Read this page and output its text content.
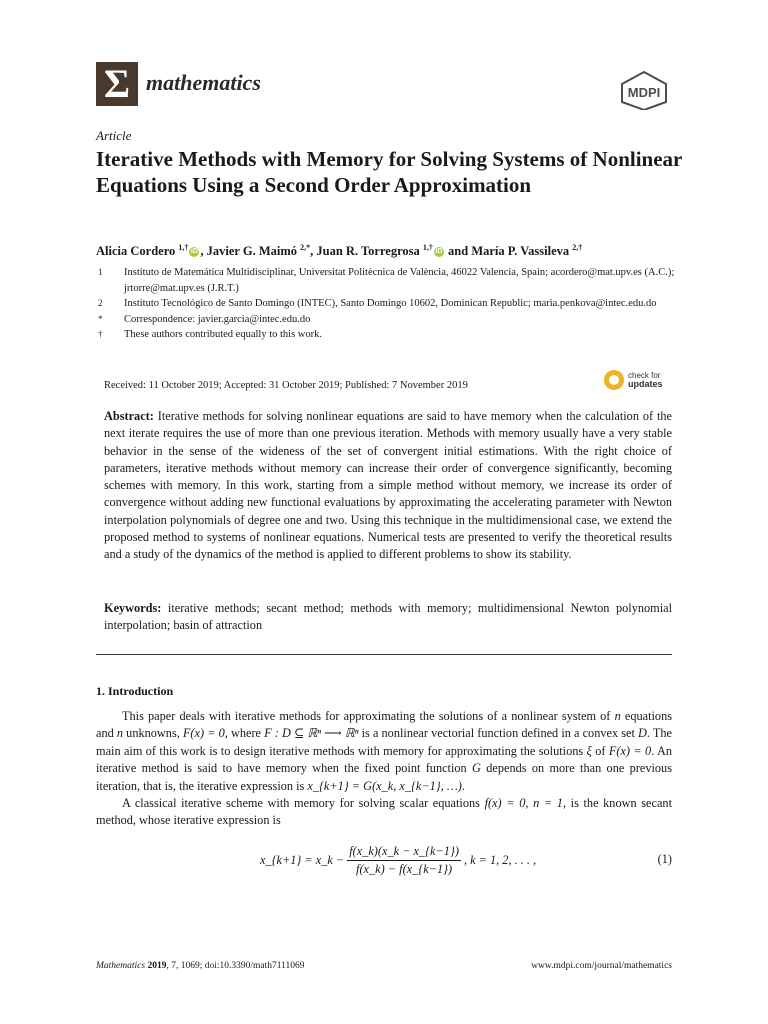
Σ mathematics	MDPI
Article
Iterative Methods with Memory for Solving Systems of Nonlinear Equations Using a Second Order Approximation
Alicia Cordero $^{1,\dagger}$ iD , Javier G. Maimó $^{2,*}$, Juan R. Torregrosa $^{1,\dagger}$ iD and María P. Vassileva $^{2,\dagger}$
1	Instituto de Matemática Multidisciplinar, Universitat Politècnica de València, 46022 Valencia, Spain; acordero@mat.upv.es (A.C.); jrtorre@mat.upv.es (J.R.T.)
2	Instituto Tecnológico de Santo Domingo (INTEC), Santo Domingo 10602, Dominican Republic; maria.penkova@intec.edu.do
*	Correspondence: javier.garcia@intec.edu.do
†	These authors contributed equally to this work.
Received: 11 October 2019; Accepted: 31 October 2019; Published: 7 November 2019
check for
updates

Abstract: Iterative methods for solving nonlinear equations are said to have memory when the calculation of the next iterate requires the use of more than one previous iteration. Methods with memory usually have a very stable behavior in the sense of the wideness of the set of convergent initial estimations. With the right choice of parameters, iterative methods without memory can increase their order of convergence significantly, becoming schemes with memory. In this work, starting from a simple method without memory, we increase its order of convergence without adding new functional evaluations by approximating the accelerating parameter with Newton interpolation polynomials of degree one and two. Using this technique in the multidimensional case, we extend the proposed method to systems of nonlinear equations. Numerical tests are presented to verify the theoretical results and a study of the dynamics of the method is applied to different problems to show its stability.

Keywords: iterative methods; secant method; methods with memory; multidimensional Newton polynomial interpolation; basin of attraction

1. Introduction

This paper deals with iterative methods for approximating the solutions of a nonlinear system of n equations and n unknowns, F(x) = 0, where F : D ⊆ ℝⁿ ⟶ ℝⁿ is a nonlinear vectorial function defined in a convex set D. The main aim of this work is to design iterative methods with memory for approximating the solutions ξ of F(x) = 0. An iterative method is said to have memory when the fixed point function G depends on more than one previous iteration, that is, the iterative expression is x_{k+1} = G(x_k, x_{k−1}, …).

A classical iterative scheme with memory for solving scalar equations f(x) = 0, n = 1, is the known secant method, whose iterative expression is

x_{k+1} = x_k − $\frac{f(x\_k)(x\_k - x\_\{k-1\})}{f(x\_k) - f(x\_\{k-1\})}$ , k = 1, 2, . . . ,	(1)
Mathematics 2019, 7, 1069; doi:10.3390/math7111069	www.mdpi.com/journal/mathematics
